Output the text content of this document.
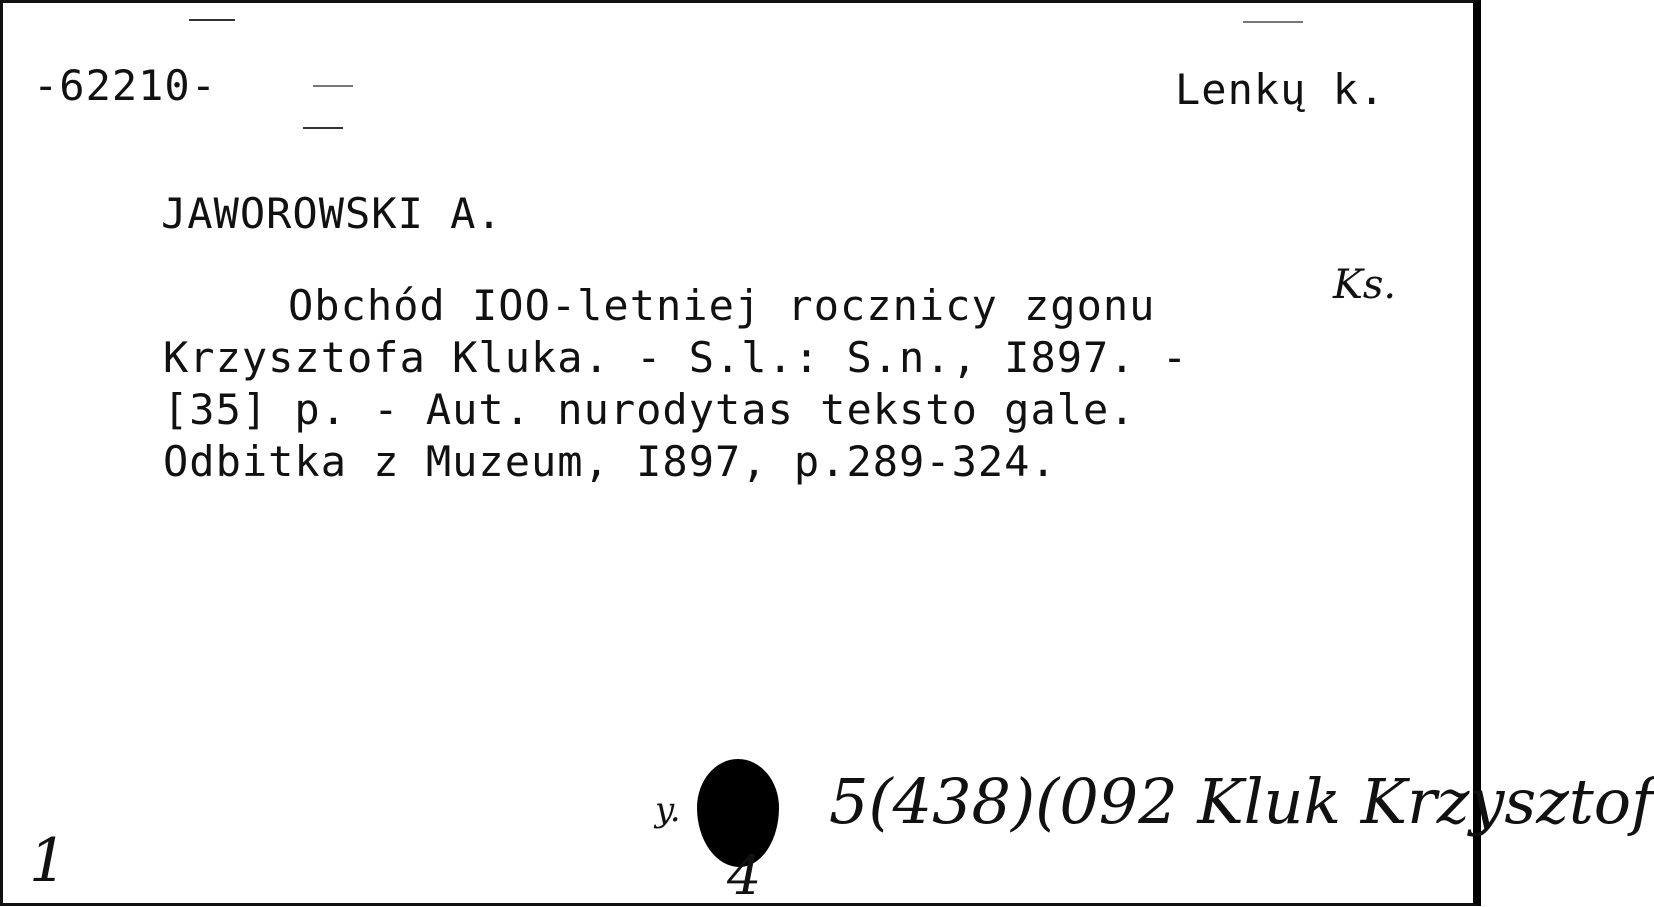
-62210-	Lenkų k.
JAWOROWSKI A.
Obchód IOO-letniej rocznicy zgonu
Krzysztofa Kluka. - S.l.: S.n., I897. -
[35] p. - Aut. nurodytas teksto gale.
Odbitka z Muzeum, I897, p.289-324.
Ks.
1
y. 5(438)(092 Kluk Krzysztof
4
